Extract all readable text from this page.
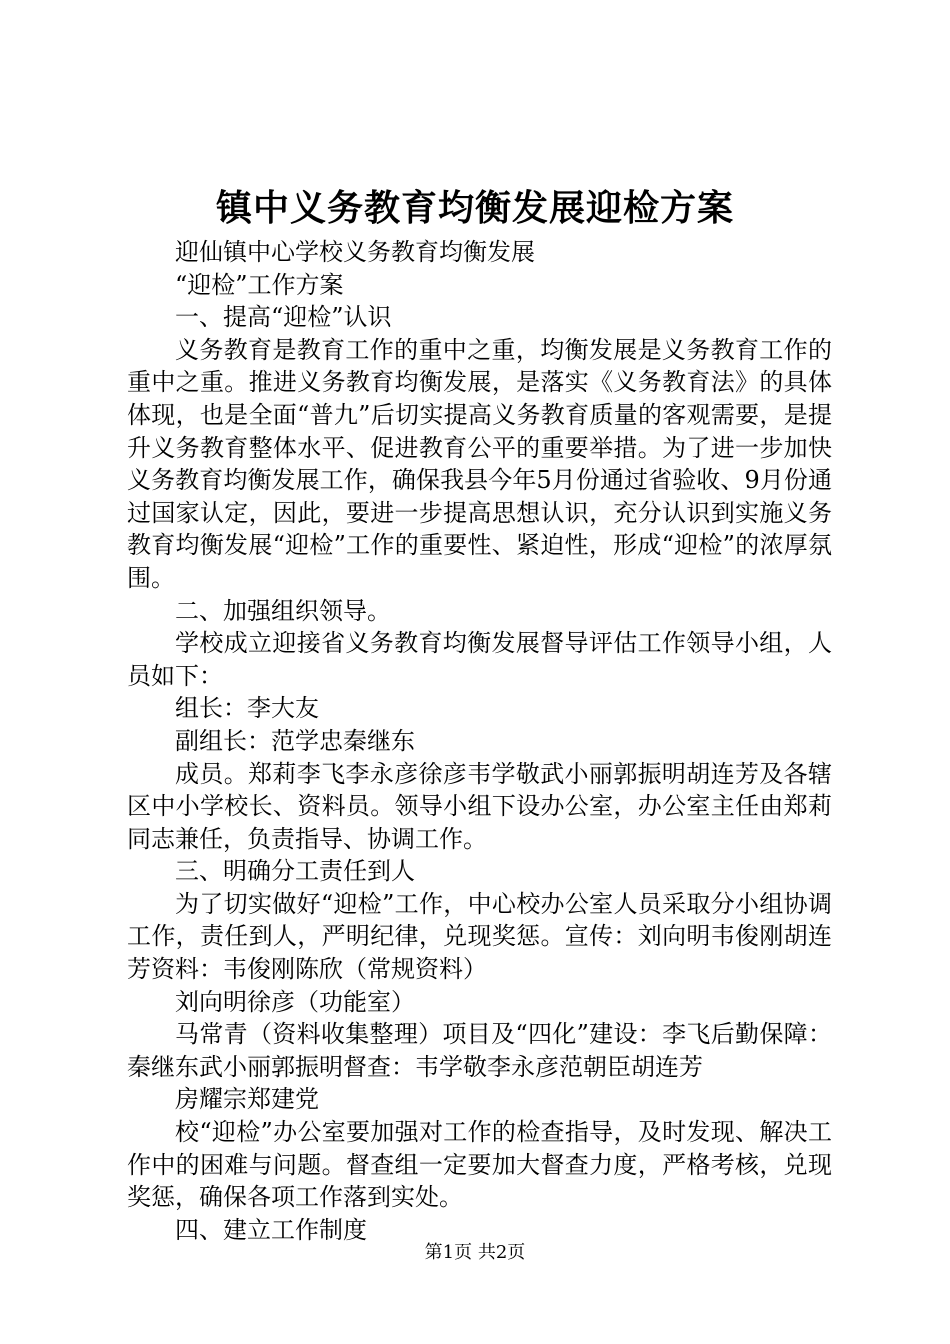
镇中义务教育均衡发展迎检方案

迎仙镇中心学校义务教育均衡发展

“迎检”工作方案

一、提高“迎检”认识

义务教育是教育工作的重中之重，均衡发展是义务教育工作的重中之重。推进义务教育均衡发展，是落实《义务教育法》的具体体现，也是全面“普九”后切实提高义务教育质量的客观需要，是提升义务教育整体水平、促进教育公平的重要举措。为了进一步加快义务教育均衡发展工作，确保我县今年5月份通过省验收、9月份通过国家认定，因此，要进一步提高思想认识，充分认识到实施义务教育均衡发展“迎检”工作的重要性、紧迫性，形成“迎检”的浓厚氛围。

二、加强组织领导。

学校成立迎接省义务教育均衡发展督导评估工作领导小组，人员如下：

组长：李大友

副组长：范学忠秦继东

成员。郑莉李飞李永彦徐彦韦学敬武小丽郭振明胡连芳及各辖区中小学校长、资料员。领导小组下设办公室，办公室主任由郑莉同志兼任，负责指导、协调工作。

三、明确分工责任到人

为了切实做好“迎检”工作，中心校办公室人员采取分小组协调工作，责任到人，严明纪律，兑现奖惩。宣传：刘向明韦俊刚胡连芳资料：韦俊刚陈欣（常规资料）

刘向明徐彦（功能室）

马常青（资料收集整理）项目及“四化”建设：李飞后勤保障：秦继东武小丽郭振明督查：韦学敬李永彦范朝臣胡连芳

房耀宗郑建党

校“迎检”办公室要加强对工作的检查指导，及时发现、解决工作中的困难与问题。督查组一定要加大督查力度，严格考核，兑现奖惩，确保各项工作落到实处。

四、建立工作制度

第1页 共2页
